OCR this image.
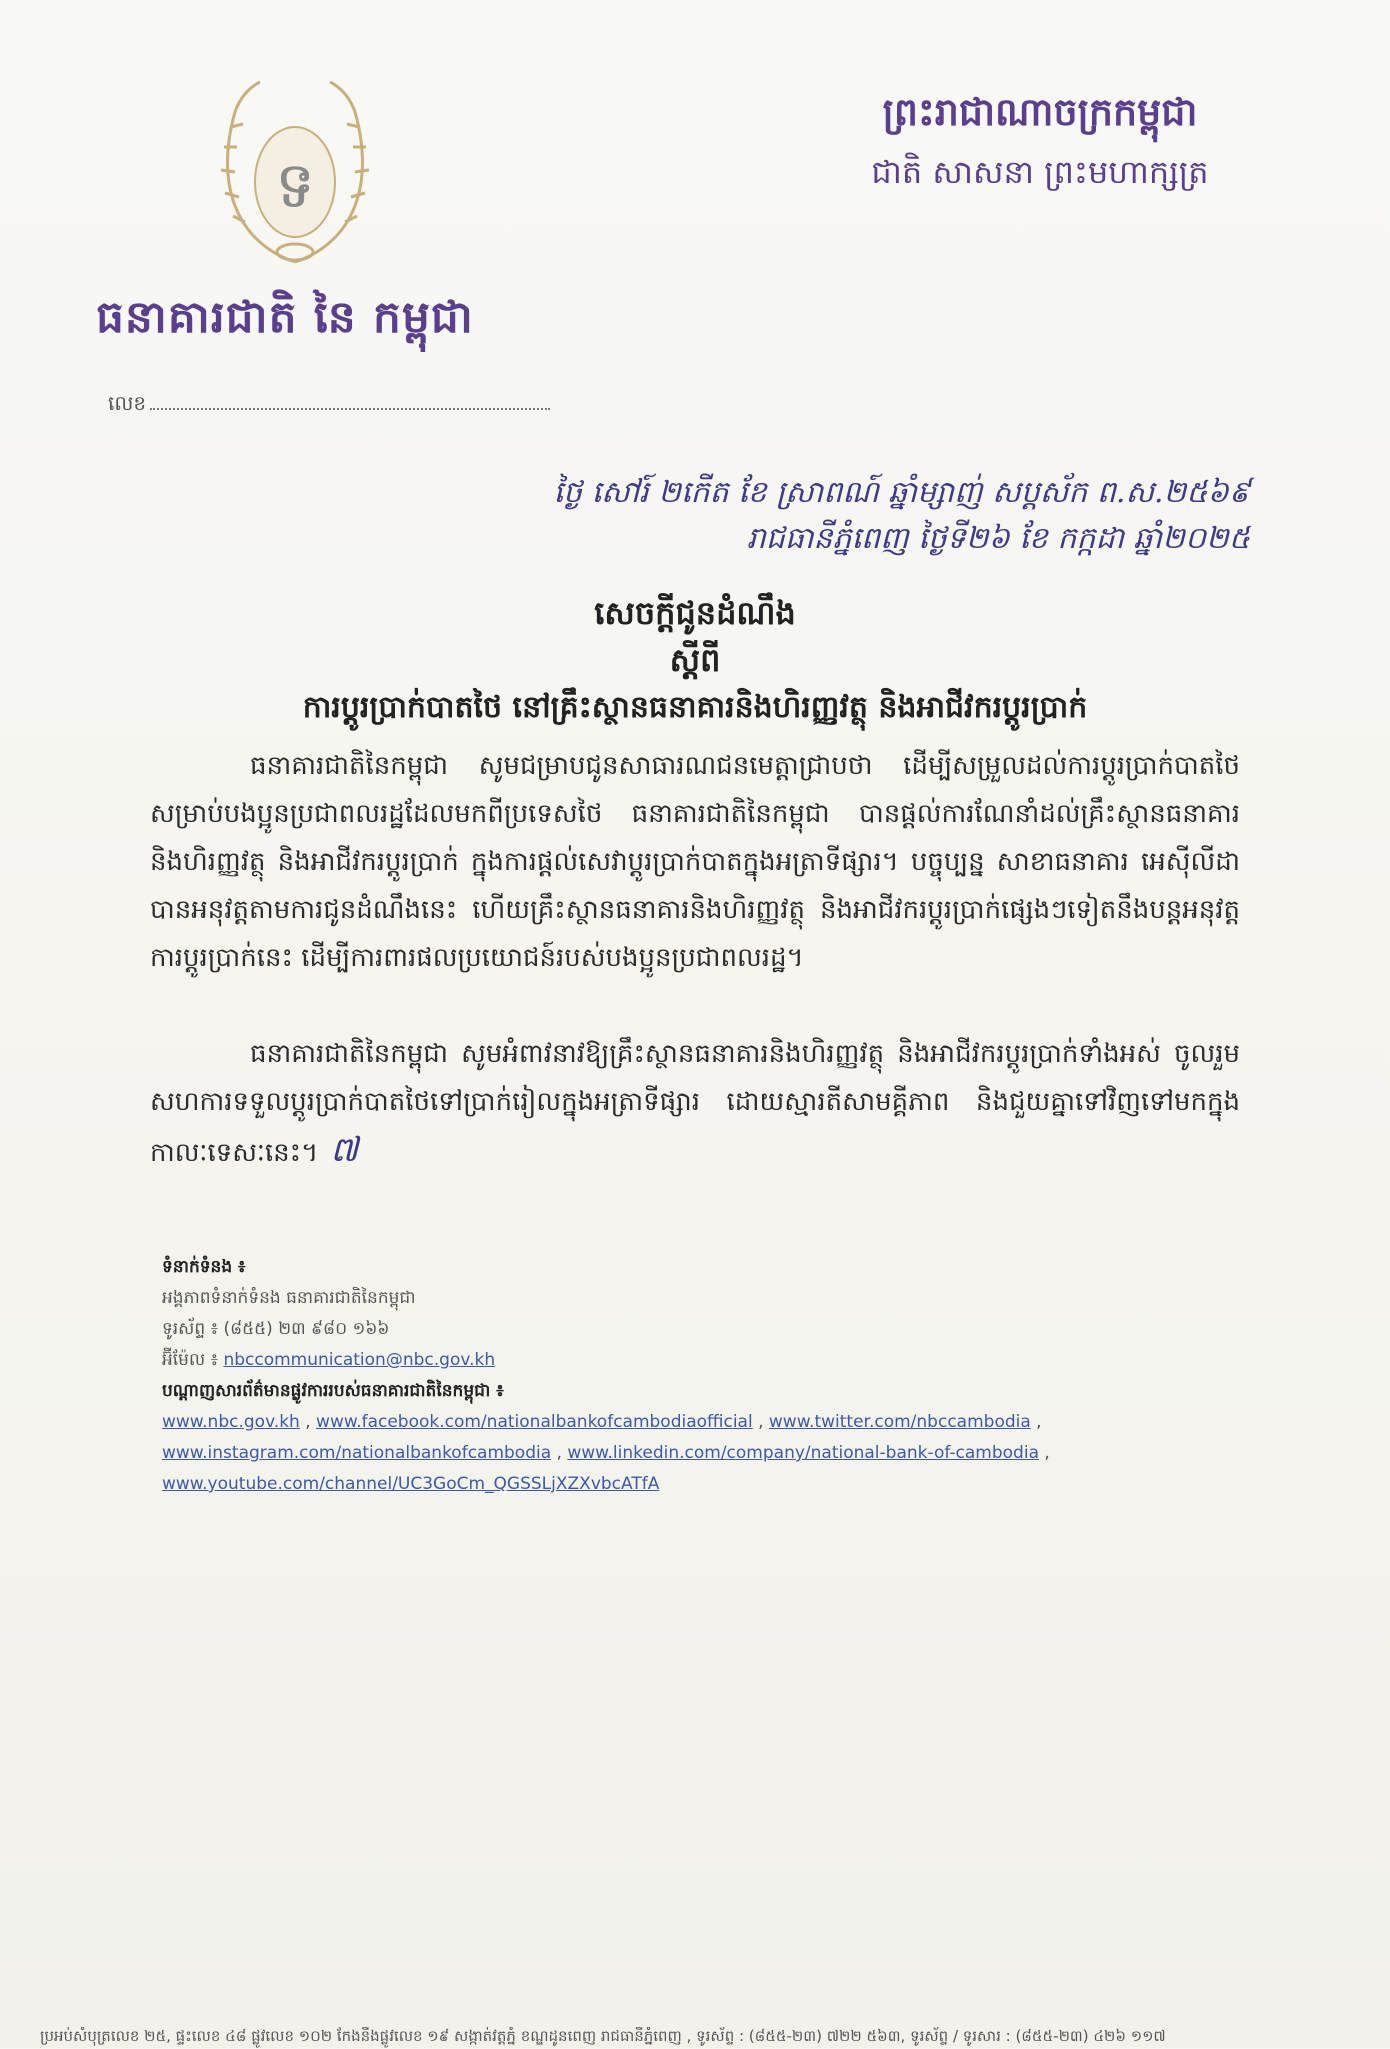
ទ
ធនាគារជាតិ នៃ កម្ពុជា
លេខ
ព្រះរាជាណាចក្រកម្ពុជា
ជាតិ សាសនា ព្រះមហាក្សត្រ
ថ្ងៃ សៅរ៍ ២កើត ខែ ស្រាពណ៍ ឆ្នាំម្សាញ់ សប្តស័ក ព.ស.២៥៦៩
រាជធានីភ្នំពេញ ថ្ងៃទី២៦ ខែ កក្កដា ឆ្នាំ២០២៥
សេចក្តីជូនដំណឹង
ស្តីពី
ការប្តូរប្រាក់បាតថៃ នៅគ្រឹះស្ថានធនាគារនិងហិរញ្ញវត្ថុ និងអាជីវករប្តូរប្រាក់
ធនាគារជាតិនៃកម្ពុជា សូមជម្រាបជូនសាធារណជនមេត្តាជ្រាបថា ដើម្បីសម្រួលដល់ការប្តូរប្រាក់បាតថៃ សម្រាប់បងប្អូនប្រជាពលរដ្ឋដែលមកពីប្រទេសថៃ ធនាគារជាតិនៃកម្ពុជា បានផ្តល់ការណែនាំដល់គ្រឹះស្ថានធនាគារនិងហិរញ្ញវត្ថុ និងអាជីវករប្តូរប្រាក់ ក្នុងការផ្តល់សេវាប្តូរប្រាក់បាតក្នុងអត្រាទីផ្សារ។ បច្ចុប្បន្ន សាខាធនាគារ អេស៊ីលីដា បានអនុវត្តតាមការជូនដំណឹងនេះ ហើយគ្រឹះស្ថានធនាគារនិងហិរញ្ញវត្ថុ និងអាជីវករប្តូរប្រាក់ផ្សេងៗទៀតនឹងបន្តអនុវត្តការប្តូរប្រាក់នេះ ដើម្បីការពារផលប្រយោជន៍របស់បងប្អូនប្រជាពលរដ្ឋ។
ធនាគារជាតិនៃកម្ពុជា សូមអំពាវនាវឱ្យគ្រឹះស្ថានធនាគារនិងហិរញ្ញវត្ថុ និងអាជីវករប្តូរប្រាក់ទាំងអស់ ចូលរួមសហការទទួលប្តូរប្រាក់បាតថៃទៅប្រាក់រៀលក្នុងអត្រាទីផ្សារ ដោយស្មារតីសាមគ្គីភាព និងជួយគ្នាទៅវិញទៅមកក្នុងកាលៈទេសៈនេះ។ ៧
ទំនាក់ទំនង ៖
អង្គភាពទំនាក់ទំនង ធនាគារជាតិនៃកម្ពុជា
ទូរស័ព្ទ ៖ (៨៥៥) ២៣ ៩៨០ ១៦៦
អ៊ីម៉ែល ៖ nbccommunication@nbc.gov.kh
បណ្តាញសារព័ត៌មានផ្លូវការរបស់ធនាគារជាតិនៃកម្ពុជា ៖
www.nbc.gov.kh , www.facebook.com/nationalbankofcambodiaofficial , www.twitter.com/nbccambodia ,
www.instagram.com/nationalbankofcambodia , www.linkedin.com/company/national-bank-of-cambodia ,
www.youtube.com/channel/UC3GoCm_QGSSLjXZXvbcATfA
ប្រអប់សំបុត្រលេខ ២៥, ផ្ទះលេខ ៤៨ ផ្លូវលេខ ១០២ កែងនឹងផ្លូវលេខ ១៩ សង្កាត់វត្តភ្នំ ខណ្ឌដូនពេញ រាជធានីភ្នំពេញ , ទូរស័ព្ទ : (៨៥៥-២៣) ៧២២ ៥៦៣, ទូរស័ព្ទ / ទូរសារ : (៨៥៥-២៣) ៤២៦ ១១៧
